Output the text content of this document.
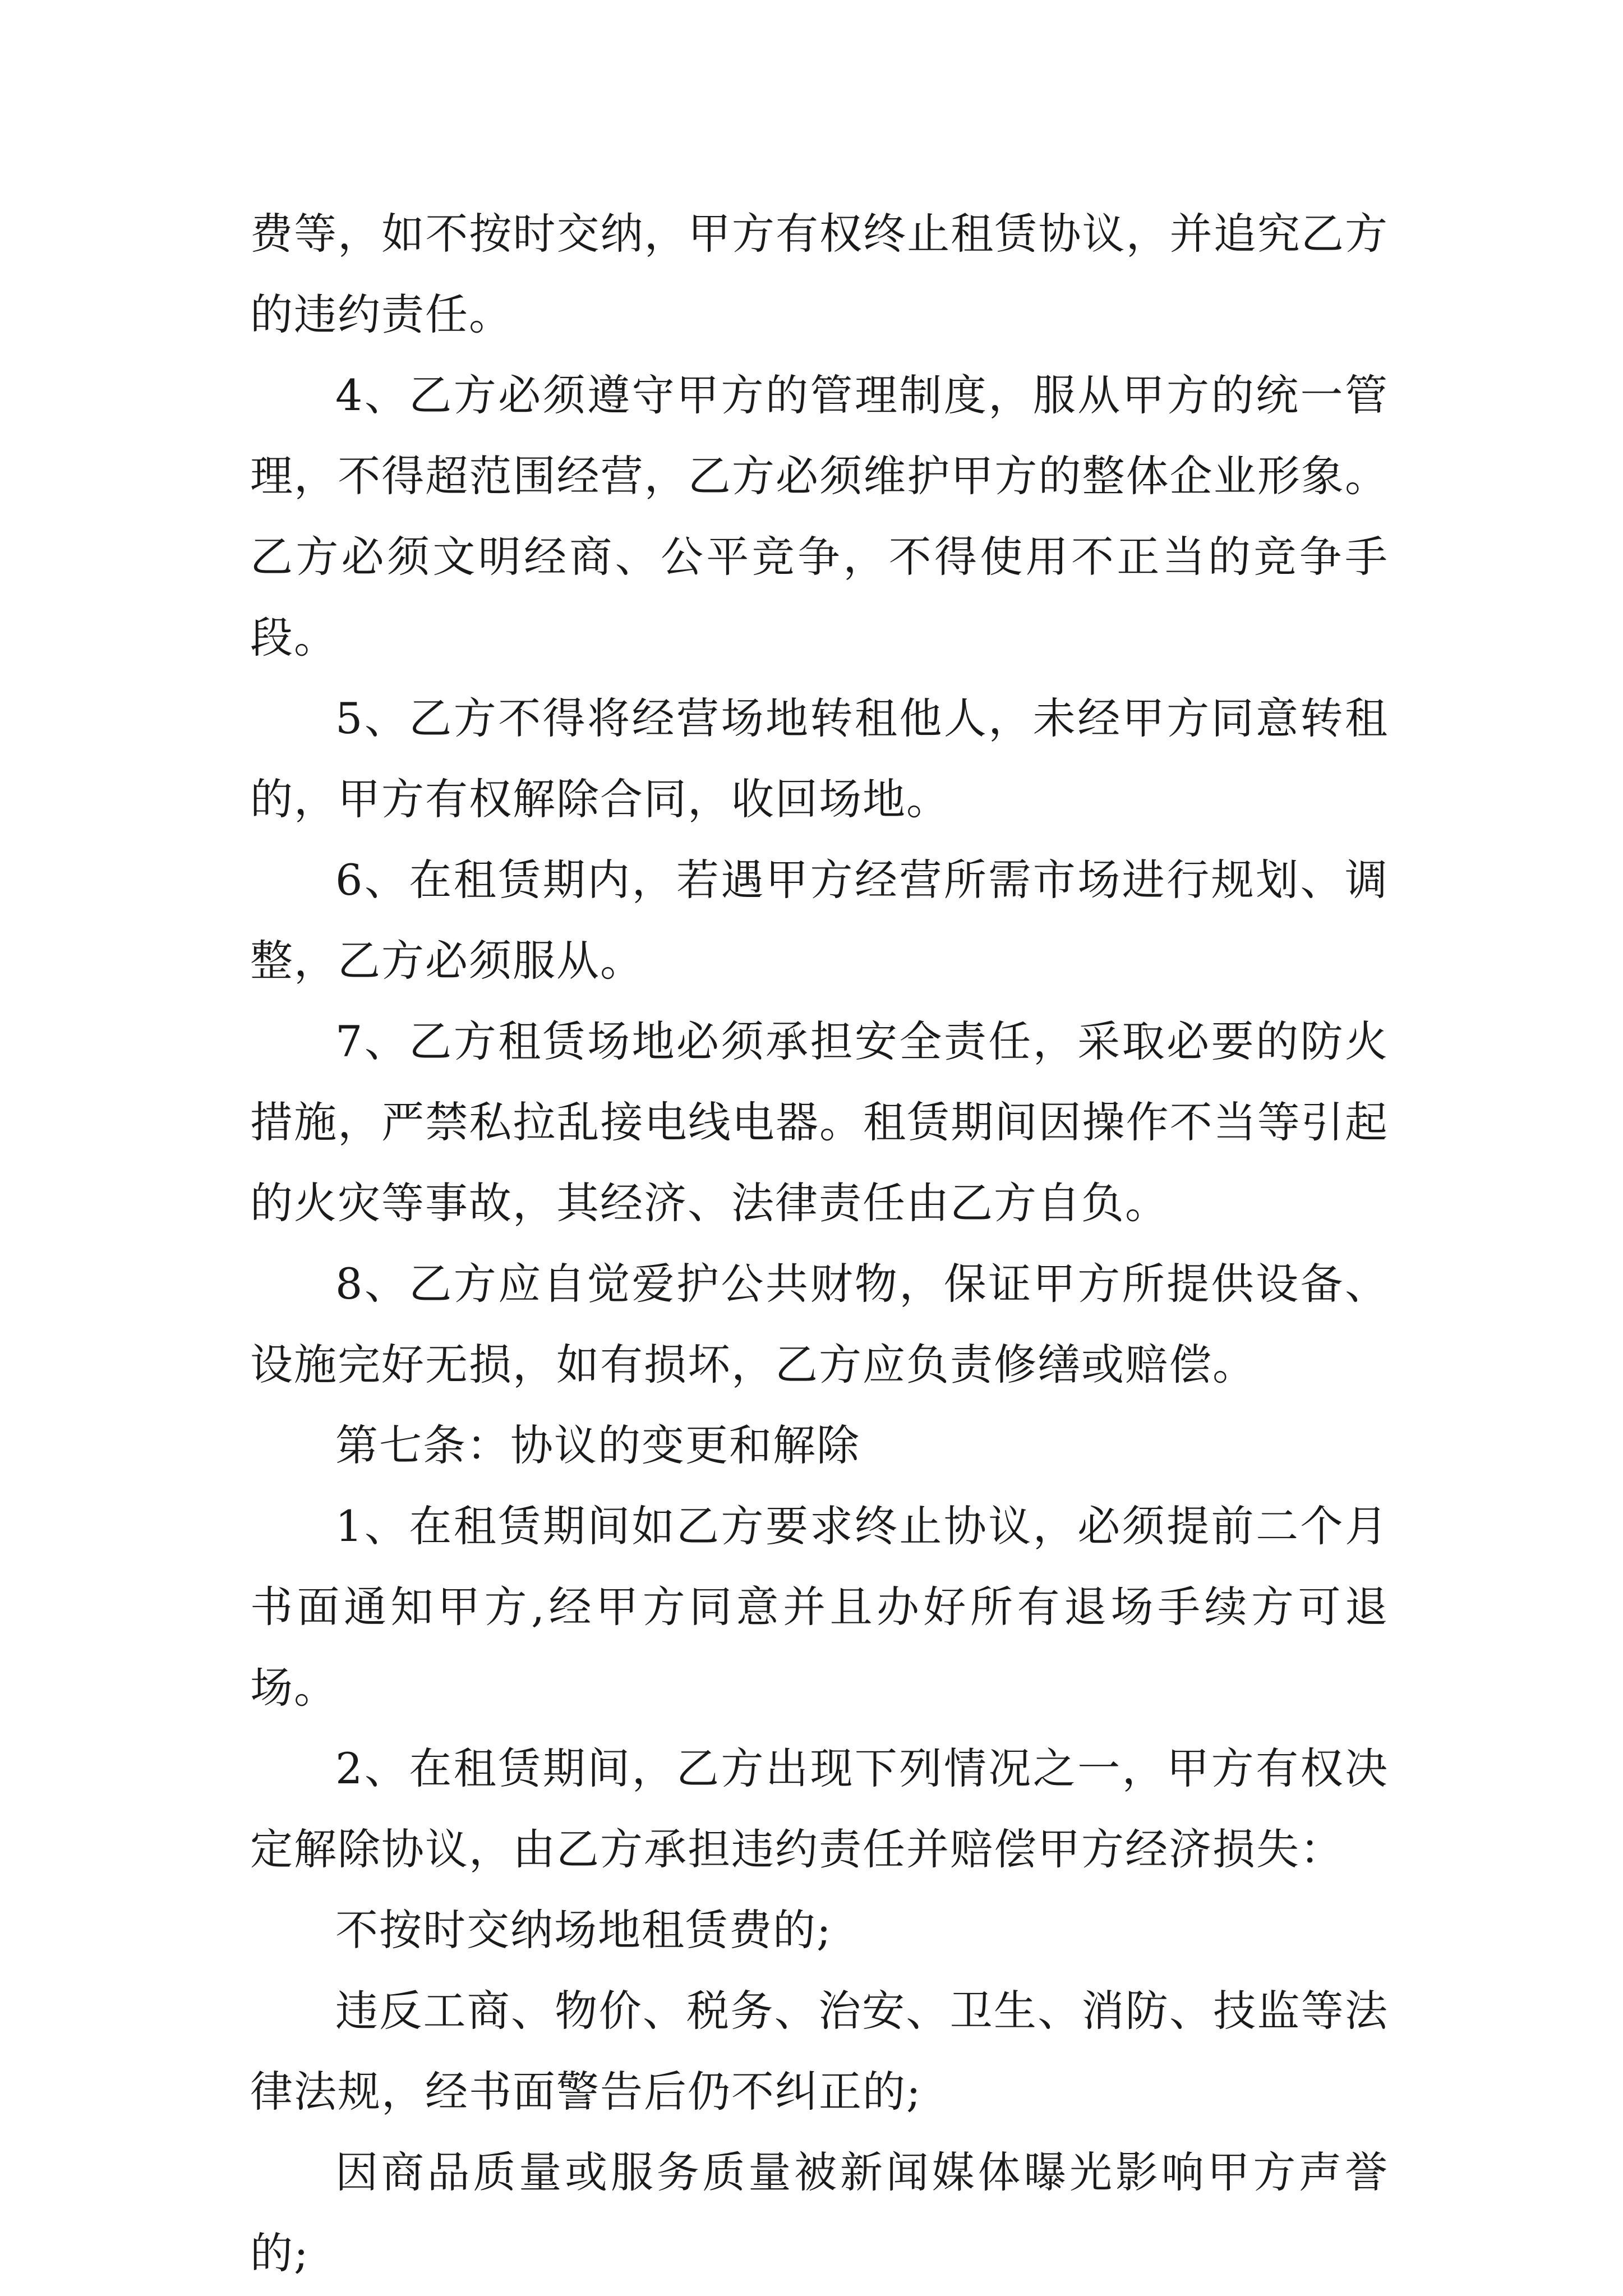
费等，如不按时交纳，甲方有权终止租赁协议，并追究乙方的违约责任。

4、乙方必须遵守甲方的管理制度，服从甲方的统一管理，不得超范围经营，乙方必须维护甲方的整体企业形象。乙方必须文明经商、公平竞争，不得使用不正当的竞争手段。

5、乙方不得将经营场地转租他人，未经甲方同意转租的，甲方有权解除合同，收回场地。

6、在租赁期内，若遇甲方经营所需市场进行规划、调整，乙方必须服从。

7、乙方租赁场地必须承担安全责任，采取必要的防火措施，严禁私拉乱接电线电器。租赁期间因操作不当等引起的火灾等事故，其经济、法律责任由乙方自负。

8、乙方应自觉爱护公共财物，保证甲方所提供设备、设施完好无损，如有损坏，乙方应负责修缮或赔偿。

第七条：协议的变更和解除

1、在租赁期间如乙方要求终止协议，必须提前二个月书面通知甲方,经甲方同意并且办好所有退场手续方可退场。

2、在租赁期间，乙方出现下列情况之一，甲方有权决定解除协议，由乙方承担违约责任并赔偿甲方经济损失：

不按时交纳场地租赁费的;

违反工商、物价、税务、治安、卫生、消防、技监等法律法规，经书面警告后仍不纠正的;

因商品质量或服务质量被新闻媒体曝光影响甲方声誉的;
